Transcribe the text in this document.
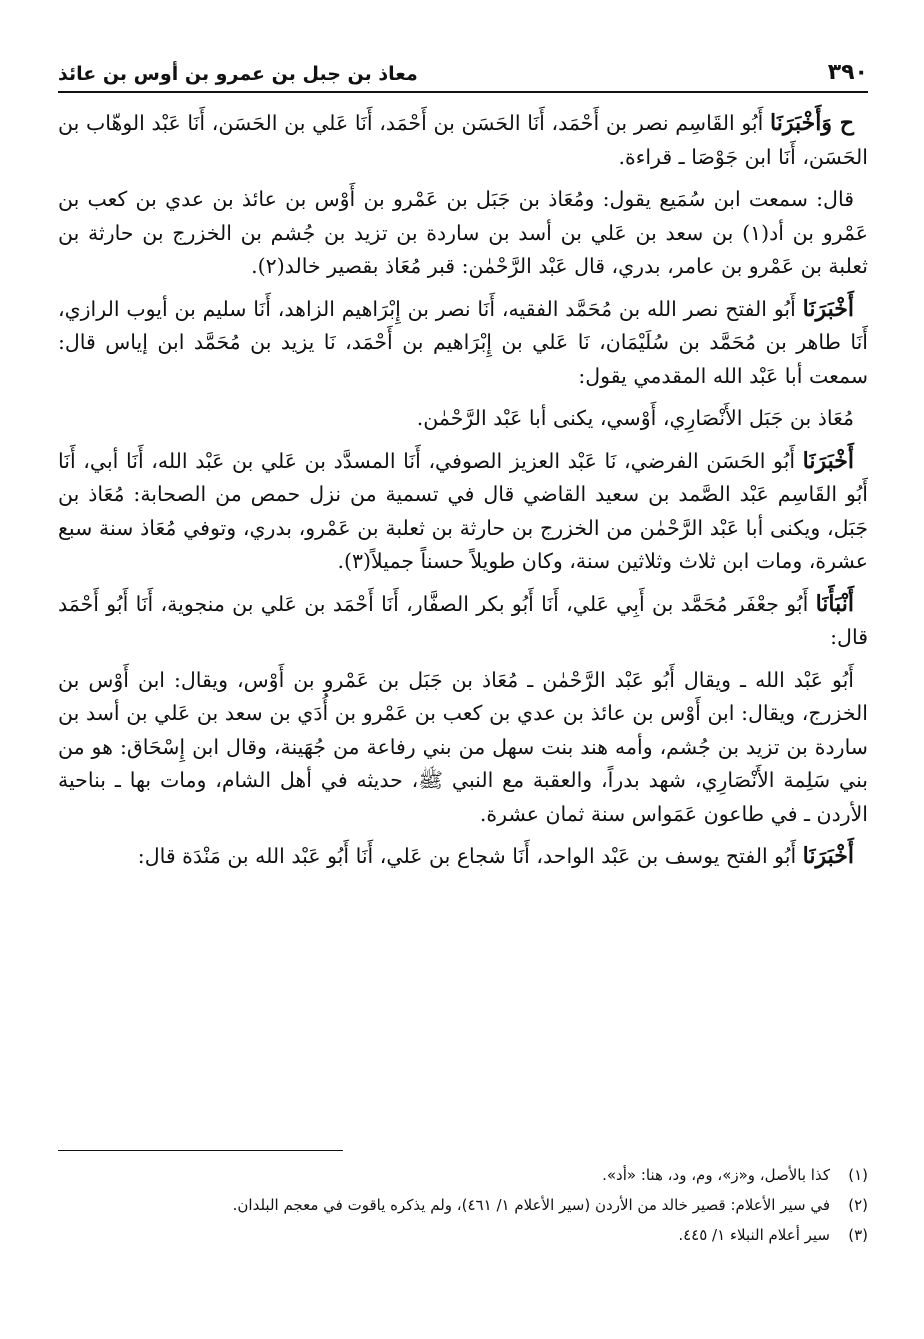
٣٩٠
معاذ بن جبل بن عمرو بن أوس بن عائذ

ح وَأَخْبَرَنَا أَبُو القَاسِم نصر بن أَحْمَد، أَنَا الحَسَن بن أَحْمَد، أَنَا عَلي بن الحَسَن، أَنَا عَبْد الوهّاب بن الحَسَن، أَنَا ابن جَوْصَا ـ قراءة.

قال: سمعت ابن سُمَيع يقول: ومُعَاذ بن جَبَل بن عَمْرو بن أَوْس بن عائذ بن عدي بن كعب بن عَمْرو بن أد(١) بن سعد بن عَلي بن أسد بن ساردة بن تزيد بن جُشم بن الخزرج بن حارثة بن ثعلبة بن عَمْرو بن عامر، بدري، قال عَبْد الرَّحْمٰن: قبر مُعَاذ بقصير خالد(٢).

أَخْبَرَنَا أَبُو الفتح نصر الله بن مُحَمَّد الفقيه، أَنَا نصر بن إِبْرَاهيم الزاهد، أَنَا سليم بن أيوب الرازي، أَنَا طاهر بن مُحَمَّد بن سُلَيْمَان، نَا عَلي بن إِبْرَاهيم بن أَحْمَد، نَا يزيد بن مُحَمَّد ابن إياس قال: سمعت أبا عَبْد الله المقدمي يقول:

مُعَاذ بن جَبَل الأَنْصَارِي، أَوْسي، يكنى أبا عَبْد الرَّحْمٰن.

أَخْبَرَنَا أَبُو الحَسَن الفرضي، نَا عَبْد العزيز الصوفي، أَنَا المسدَّد بن عَلي بن عَبْد الله، أَنَا أبي، أَنَا أَبُو القَاسِم عَبْد الصَّمد بن سعيد القاضي قال في تسمية من نزل حمص من الصحابة: مُعَاذ بن جَبَل، ويكنى أبا عَبْد الرَّحْمٰن من الخزرج بن حارثة بن ثعلبة بن عَمْرو، بدري، وتوفي مُعَاذ سنة سبع عشرة، ومات ابن ثلاث وثلاثين سنة، وكان طويلاً حسناً جميلاً(٣).

أَنْبَأَنَا أَبُو جعْفَر مُحَمَّد بن أَبِي عَلي، أَنَا أَبُو بكر الصفَّار، أَنَا أَحْمَد بن عَلي بن منجوية، أَنَا أَبُو أَحْمَد قال:

أَبُو عَبْد الله ـ ويقال أَبُو عَبْد الرَّحْمٰن ـ مُعَاذ بن جَبَل بن عَمْرو بن أَوْس، ويقال: ابن أَوْس بن الخزرج، ويقال: ابن أَوْس بن عائذ بن عدي بن كعب بن عَمْرو بن أُدَي بن سعد بن عَلي بن أسد بن ساردة بن تزيد بن جُشم، وأمه هند بنت سهل من بني رفاعة من جُهَينة، وقال ابن إِسْحَاق: هو من بني سَلِمة الأَنْصَارِي، شهد بدراً، والعقبة مع النبي ﷺ، حديثه في أهل الشام، ومات بها ـ بناحية الأردن ـ في طاعون عَمَواس سنة ثمان عشرة.

أَخْبَرَنَا أَبُو الفتح يوسف بن عَبْد الواحد، أَنَا شجاع بن عَلي، أَنَا أَبُو عَبْد الله بن مَنْدَة قال:

(١)
كذا بالأصل، و«ز»، وم، ود، هنا: «أد».
(٢)
في سير الأعلام: قصير خالد من الأردن (سير الأعلام ١/ ٤٦١)، ولم يذكره ياقوت في معجم البلدان.
(٣)
سير أعلام النبلاء ١/ ٤٤٥.
